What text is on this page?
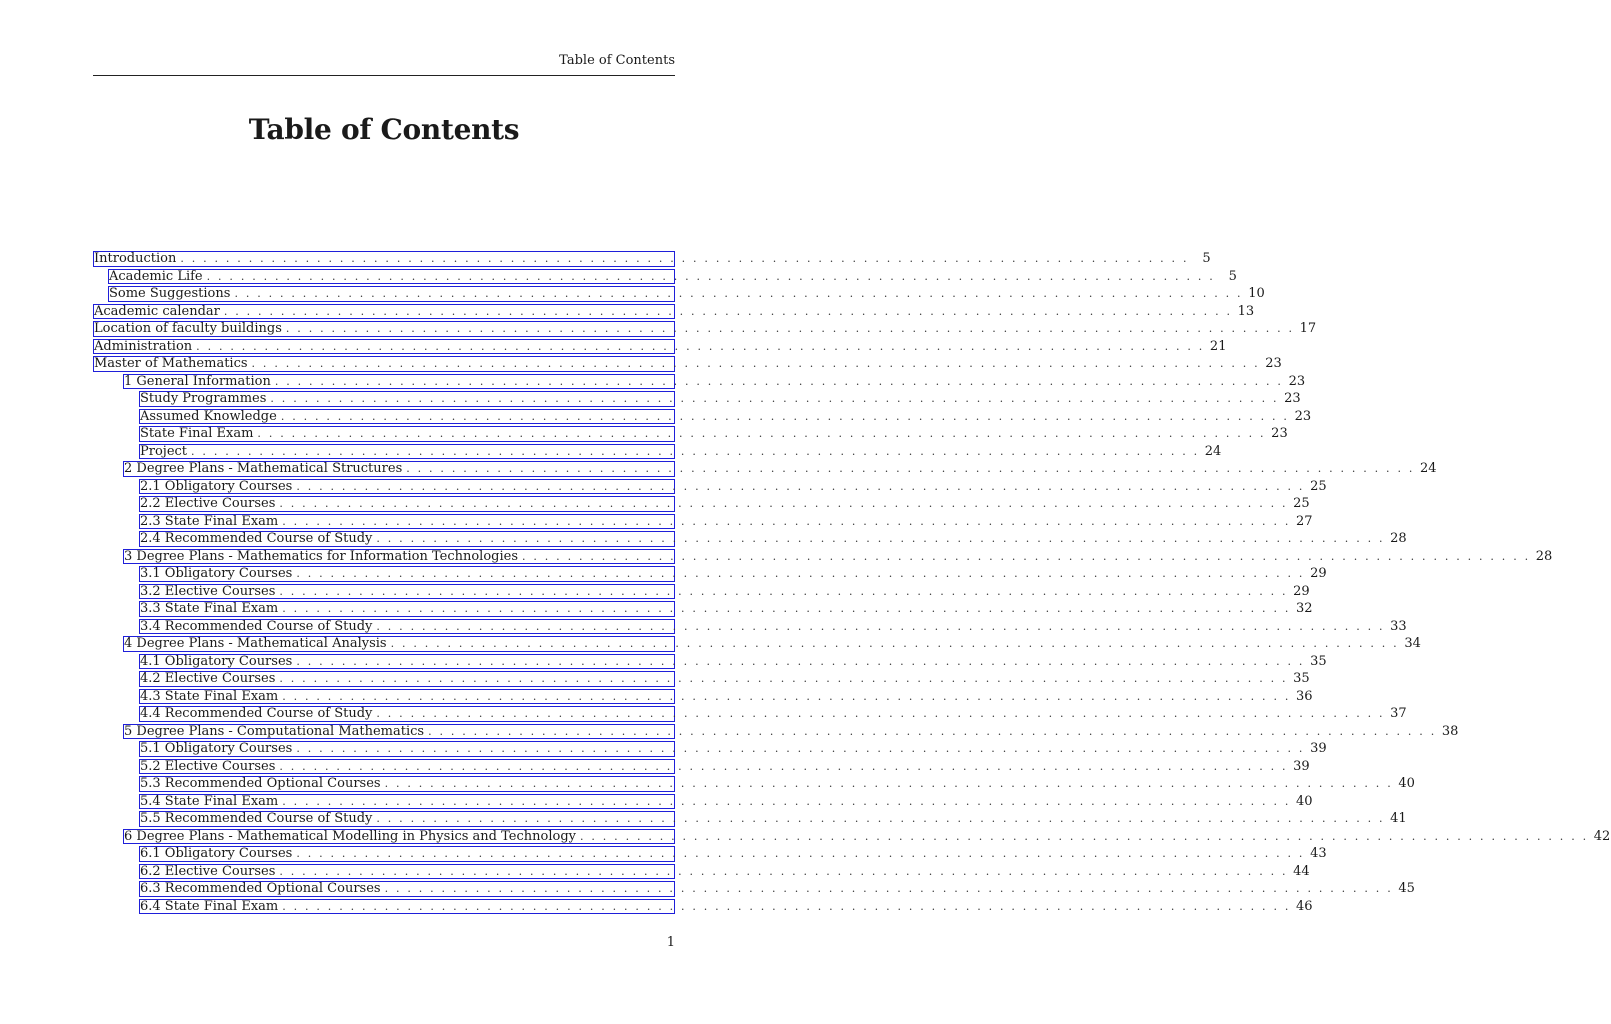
Table of Contents
Table of Contents
Introduction . . . . . . . . . . . . . . . . . . . . . . . . . . . . . . . . . . . . . . . . . . . . . . . . . . . . . . . . . . . . . . . . . . . . . . . . . . . . . . . . . . . . . . . . .	5
Academic Life . . . . . . . . . . . . . . . . . . . . . . . . . . . . . . . . . . . . . . . . . . . . . . . . . . . . . . . . . . . . . . . . . . . . . . . . . . . . . . . . . . . . . . . . .	5
Some Suggestions . . . . . . . . . . . . . . . . . . . . . . . . . . . . . . . . . . . . . . . . . . . . . . . . . . . . . . . . . . . . . . . . . . . . . . . . . . . . . . . . . . . . . . . . . 10
Academic calendar . . . . . . . . . . . . . . . . . . . . . . . . . . . . . . . . . . . . . . . . . . . . . . . . . . . . . . . . . . . . . . . . . . . . . . . . . . . . . . . . . . . . . . . . . 13
Location of faculty buildings . . . . . . . . . . . . . . . . . . . . . . . . . . . . . . . . . . . . . . . . . . . . . . . . . . . . . . . . . . . . . . . . . . . . . . . . . . . . . . . . . . . . . . . . . 17
Administration . . . . . . . . . . . . . . . . . . . . . . . . . . . . . . . . . . . . . . . . . . . . . . . . . . . . . . . . . . . . . . . . . . . . . . . . . . . . . . . . . . . . . . . . . 21
Master of Mathematics . . . . . . . . . . . . . . . . . . . . . . . . . . . . . . . . . . . . . . . . . . . . . . . . . . . . . . . . . . . . . . . . . . . . . . . . . . . . . . . . . . . . . . . . . 23
1 General Information . . . . . . . . . . . . . . . . . . . . . . . . . . . . . . . . . . . . . . . . . . . . . . . . . . . . . . . . . . . . . . . . . . . . . . . . . . . . . . . . . . . . . . . . . 23
Study Programmes . . . . . . . . . . . . . . . . . . . . . . . . . . . . . . . . . . . . . . . . . . . . . . . . . . . . . . . . . . . . . . . . . . . . . . . . . . . . . . . . . . . . . . . . . 23
Assumed Knowledge . . . . . . . . . . . . . . . . . . . . . . . . . . . . . . . . . . . . . . . . . . . . . . . . . . . . . . . . . . . . . . . . . . . . . . . . . . . . . . . . . . . . . . . . . 23
State Final Exam . . . . . . . . . . . . . . . . . . . . . . . . . . . . . . . . . . . . . . . . . . . . . . . . . . . . . . . . . . . . . . . . . . . . . . . . . . . . . . . . . . . . . . . . . 23
Project . . . . . . . . . . . . . . . . . . . . . . . . . . . . . . . . . . . . . . . . . . . . . . . . . . . . . . . . . . . . . . . . . . . . . . . . . . . . . . . . . . . . . . . . . 24
2 Degree Plans - Mathematical Structures . . . . . . . . . . . . . . . . . . . . . . . . . . . . . . . . . . . . . . . . . . . . . . . . . . . . . . . . . . . . . . . . . . . . . . . . . . . . . . . . . . . . . . . . . 24
2.1 Obligatory Courses . . . . . . . . . . . . . . . . . . . . . . . . . . . . . . . . . . . . . . . . . . . . . . . . . . . . . . . . . . . . . . . . . . . . . . . . . . . . . . . . . . . . . . . . . 25
2.2 Elective Courses . . . . . . . . . . . . . . . . . . . . . . . . . . . . . . . . . . . . . . . . . . . . . . . . . . . . . . . . . . . . . . . . . . . . . . . . . . . . . . . . . . . . . . . . . 25
2.3 State Final Exam . . . . . . . . . . . . . . . . . . . . . . . . . . . . . . . . . . . . . . . . . . . . . . . . . . . . . . . . . . . . . . . . . . . . . . . . . . . . . . . . . . . . . . . . . 27
2.4 Recommended Course of Study . . . . . . . . . . . . . . . . . . . . . . . . . . . . . . . . . . . . . . . . . . . . . . . . . . . . . . . . . . . . . . . . . . . . . . . . . . . . . . . . . . . . . . . . . 28
3 Degree Plans - Mathematics for Information Technologies . . . . . . . . . . . . . . . . . . . . . . . . . . . . . . . . . . . . . . . . . . . . . . . . . . . . . . . . . . . . . . . . . . . . . . . . . . . . . . . . . . . . . . . . . 28
3.1 Obligatory Courses . . . . . . . . . . . . . . . . . . . . . . . . . . . . . . . . . . . . . . . . . . . . . . . . . . . . . . . . . . . . . . . . . . . . . . . . . . . . . . . . . . . . . . . . . 29
3.2 Elective Courses . . . . . . . . . . . . . . . . . . . . . . . . . . . . . . . . . . . . . . . . . . . . . . . . . . . . . . . . . . . . . . . . . . . . . . . . . . . . . . . . . . . . . . . . . 29
3.3 State Final Exam . . . . . . . . . . . . . . . . . . . . . . . . . . . . . . . . . . . . . . . . . . . . . . . . . . . . . . . . . . . . . . . . . . . . . . . . . . . . . . . . . . . . . . . . . 32
3.4 Recommended Course of Study . . . . . . . . . . . . . . . . . . . . . . . . . . . . . . . . . . . . . . . . . . . . . . . . . . . . . . . . . . . . . . . . . . . . . . . . . . . . . . . . . . . . . . . . . 33
4 Degree Plans - Mathematical Analysis . . . . . . . . . . . . . . . . . . . . . . . . . . . . . . . . . . . . . . . . . . . . . . . . . . . . . . . . . . . . . . . . . . . . . . . . . . . . . . . . . . . . . . . . . 34
4.1 Obligatory Courses . . . . . . . . . . . . . . . . . . . . . . . . . . . . . . . . . . . . . . . . . . . . . . . . . . . . . . . . . . . . . . . . . . . . . . . . . . . . . . . . . . . . . . . . . 35
4.2 Elective Courses . . . . . . . . . . . . . . . . . . . . . . . . . . . . . . . . . . . . . . . . . . . . . . . . . . . . . . . . . . . . . . . . . . . . . . . . . . . . . . . . . . . . . . . . . 35
4.3 State Final Exam . . . . . . . . . . . . . . . . . . . . . . . . . . . . . . . . . . . . . . . . . . . . . . . . . . . . . . . . . . . . . . . . . . . . . . . . . . . . . . . . . . . . . . . . . 36
4.4 Recommended Course of Study . . . . . . . . . . . . . . . . . . . . . . . . . . . . . . . . . . . . . . . . . . . . . . . . . . . . . . . . . . . . . . . . . . . . . . . . . . . . . . . . . . . . . . . . . 37
5 Degree Plans - Computational Mathematics . . . . . . . . . . . . . . . . . . . . . . . . . . . . . . . . . . . . . . . . . . . . . . . . . . . . . . . . . . . . . . . . . . . . . . . . . . . . . . . . . . . . . . . . . 38
5.1 Obligatory Courses . . . . . . . . . . . . . . . . . . . . . . . . . . . . . . . . . . . . . . . . . . . . . . . . . . . . . . . . . . . . . . . . . . . . . . . . . . . . . . . . . . . . . . . . . 39
5.2 Elective Courses . . . . . . . . . . . . . . . . . . . . . . . . . . . . . . . . . . . . . . . . . . . . . . . . . . . . . . . . . . . . . . . . . . . . . . . . . . . . . . . . . . . . . . . . . 39
5.3 Recommended Optional Courses . . . . . . . . . . . . . . . . . . . . . . . . . . . . . . . . . . . . . . . . . . . . . . . . . . . . . . . . . . . . . . . . . . . . . . . . . . . . . . . . . . . . . . . . . 40
5.4 State Final Exam . . . . . . . . . . . . . . . . . . . . . . . . . . . . . . . . . . . . . . . . . . . . . . . . . . . . . . . . . . . . . . . . . . . . . . . . . . . . . . . . . . . . . . . . . 40
5.5 Recommended Course of Study . . . . . . . . . . . . . . . . . . . . . . . . . . . . . . . . . . . . . . . . . . . . . . . . . . . . . . . . . . . . . . . . . . . . . . . . . . . . . . . . . . . . . . . . . 41
6 Degree Plans - Mathematical Modelling in Physics and Technology . . . . . . . . . . . . . . . . . . . . . . . . . . . . . . . . . . . . . . . . . . . . . . . . . . . . . . . . . . . . . . . . . . . . . . . . . . . . . . . . . . . . . . . . . 42
6.1 Obligatory Courses . . . . . . . . . . . . . . . . . . . . . . . . . . . . . . . . . . . . . . . . . . . . . . . . . . . . . . . . . . . . . . . . . . . . . . . . . . . . . . . . . . . . . . . . . 43
6.2 Elective Courses . . . . . . . . . . . . . . . . . . . . . . . . . . . . . . . . . . . . . . . . . . . . . . . . . . . . . . . . . . . . . . . . . . . . . . . . . . . . . . . . . . . . . . . . . 44
6.3 Recommended Optional Courses . . . . . . . . . . . . . . . . . . . . . . . . . . . . . . . . . . . . . . . . . . . . . . . . . . . . . . . . . . . . . . . . . . . . . . . . . . . . . . . . . . . . . . . . . 45
6.4 State Final Exam . . . . . . . . . . . . . . . . . . . . . . . . . . . . . . . . . . . . . . . . . . . . . . . . . . . . . . . . . . . . . . . . . . . . . . . . . . . . . . . . . . . . . . . . . 46
1
